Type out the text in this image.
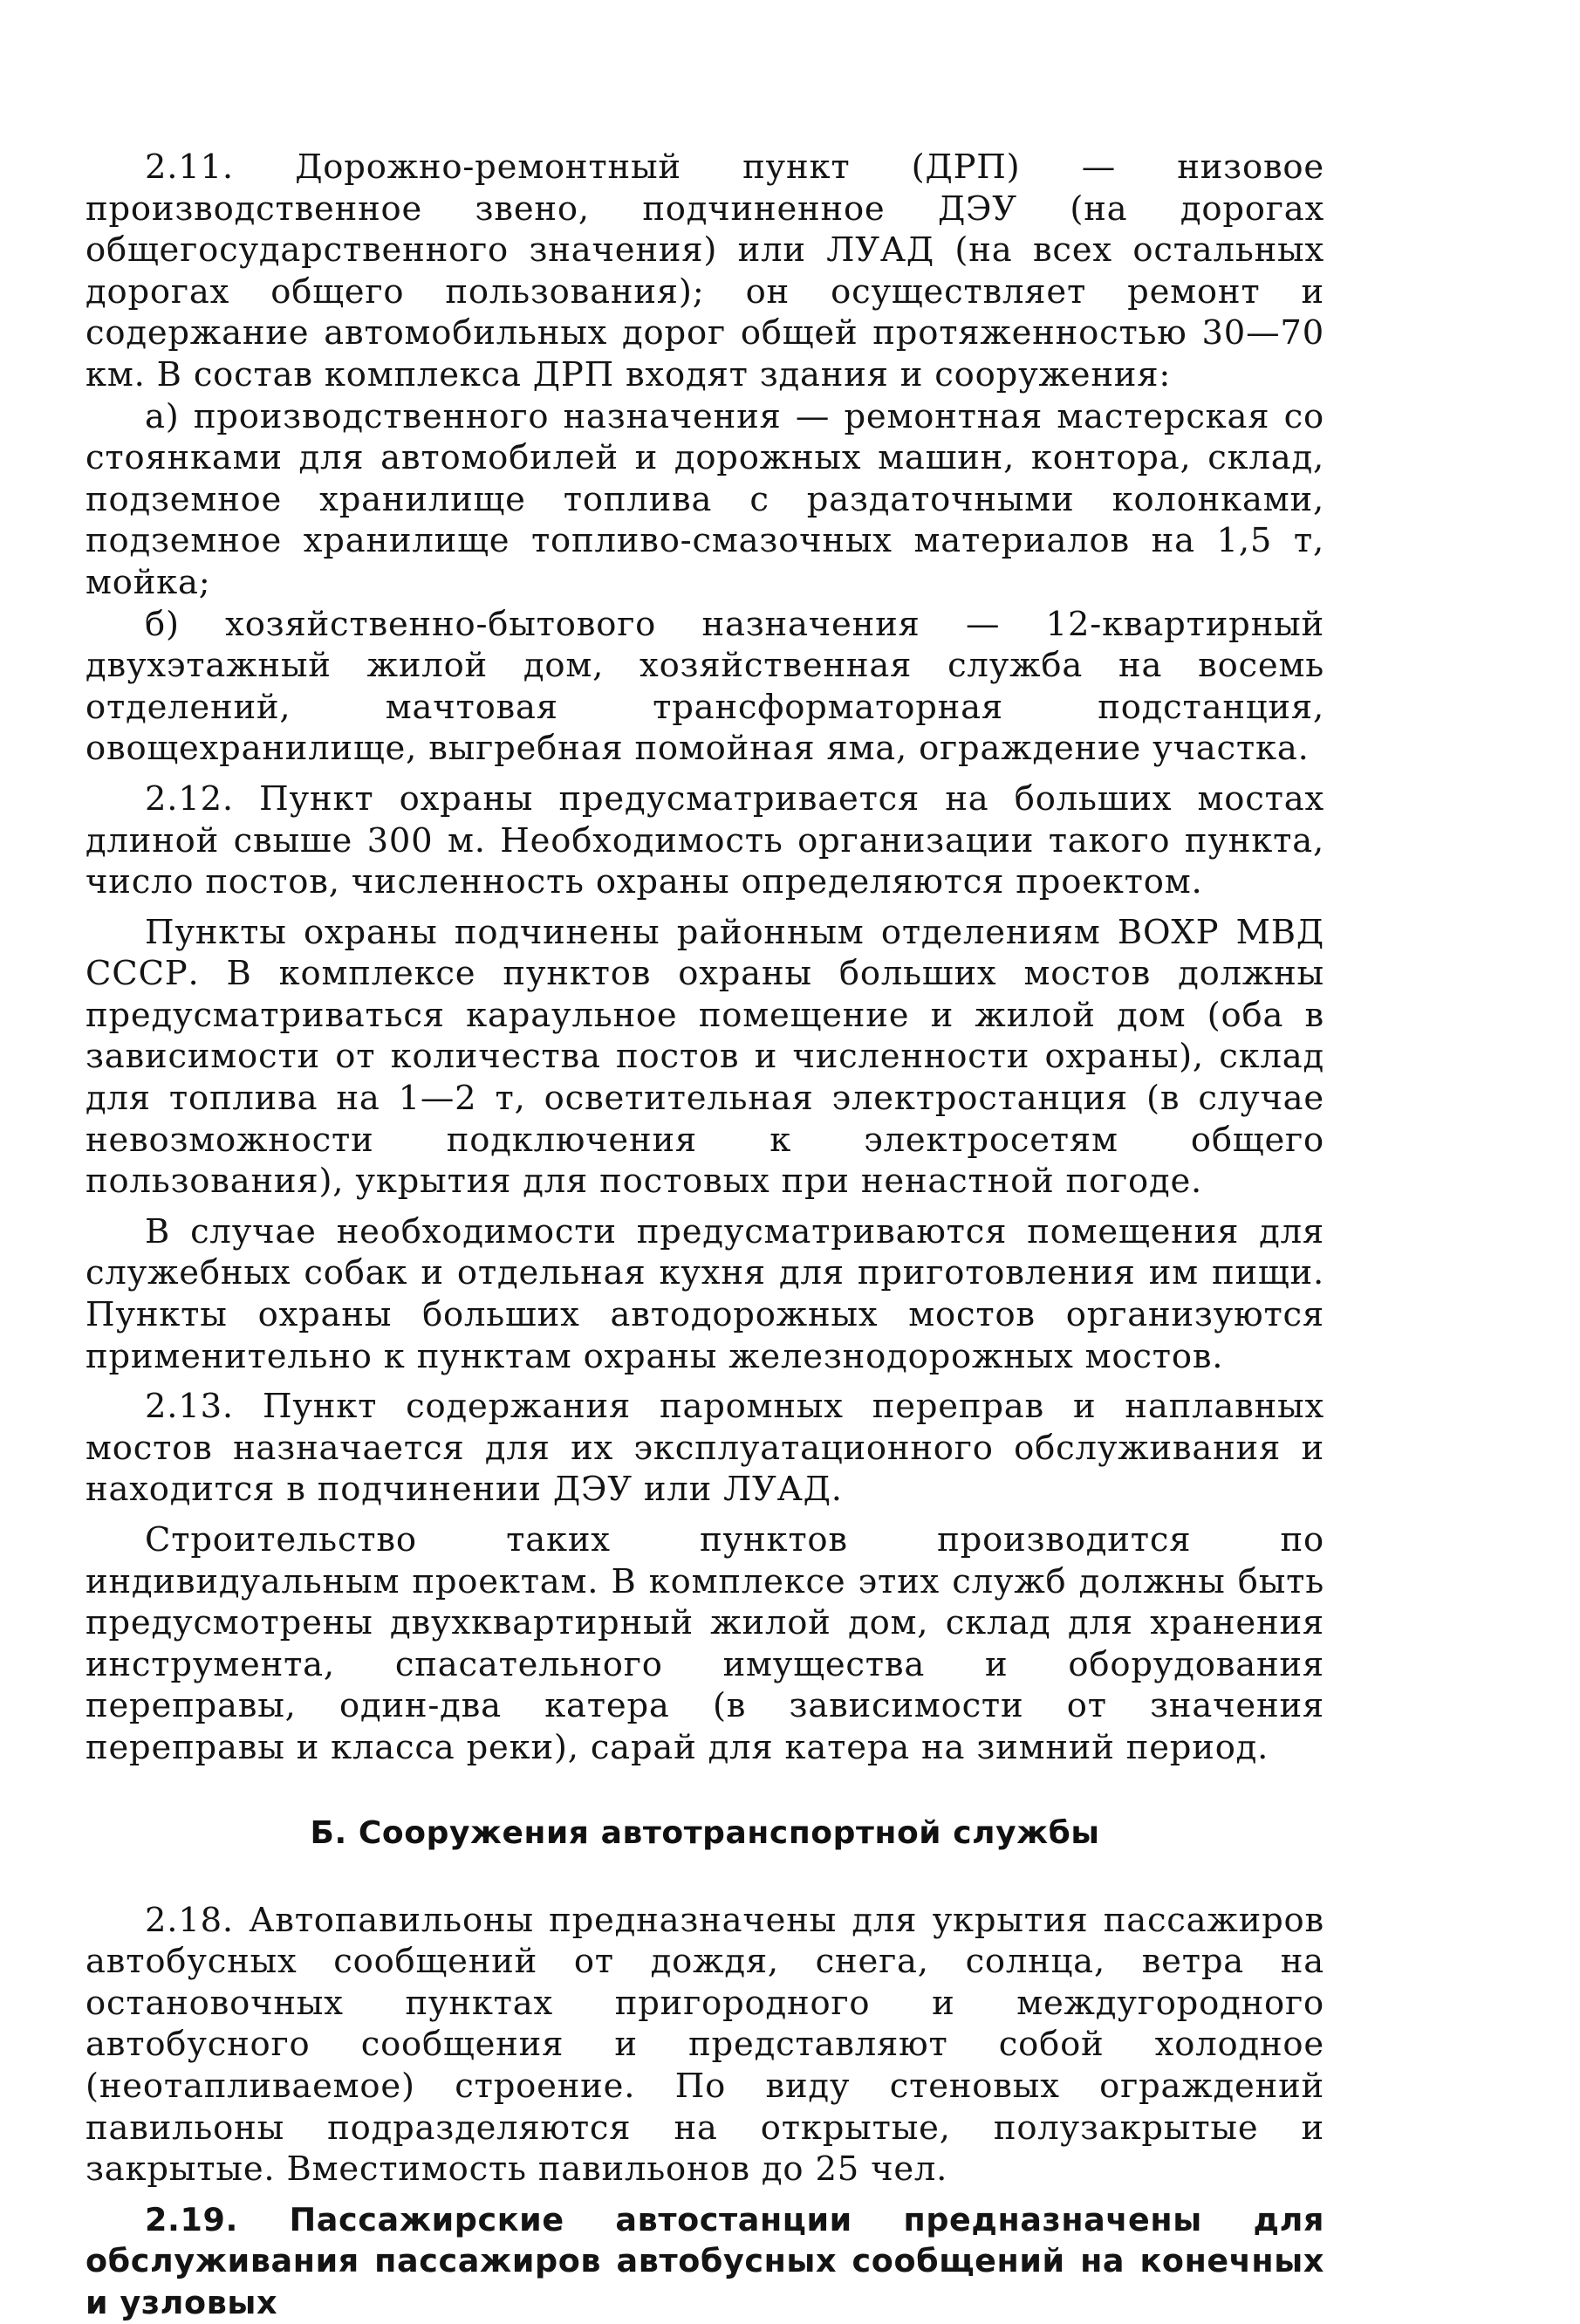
2.11. Дорожно-ремонтный пункт (ДРП) — низовое производственное звено, подчиненное ДЭУ (на дорогах общегосударственного значения) или ЛУАД (на всех остальных дорогах общего пользования); он осуществляет ремонт и содержание автомобильных дорог общей протяженностью 30—70 км. В состав комплекса ДРП входят здания и сооружения:

а) производственного назначения — ремонтная мастерская со стоянками для автомобилей и дорожных машин, контора, склад, подземное хранилище топлива с раздаточными колонками, подземное хранилище топливо-смазочных материалов на 1,5 т, мойка;

б) хозяйственно-бытового назначения — 12-квартирный двухэтажный жилой дом, хозяйственная служба на восемь отделений, мачтовая трансформаторная подстанция, овощехранилище, выгребная помойная яма, ограждение участка.

2.12. Пункт охраны предусматривается на больших мостах длиной свыше 300 м. Необходимость организации такого пункта, число постов, численность охраны определяются проектом.

Пункты охраны подчинены районным отделениям ВОХР МВД СССР. В комплексе пунктов охраны больших мостов должны предусматриваться караульное помещение и жилой дом (оба в зависимости от количества постов и численности охраны), склад для топлива на 1—2 т, осветительная электростанция (в случае невозможности подключения к электросетям общего пользования), укрытия для постовых при ненастной погоде.

В случае необходимости предусматриваются помещения для служебных собак и отдельная кухня для приготовления им пищи. Пункты охраны больших автодорожных мостов организуются применительно к пунктам охраны железнодорожных мостов.

2.13. Пункт содержания паромных переправ и наплавных мостов назначается для их эксплуатационного обслуживания и находится в подчинении ДЭУ или ЛУАД.

Строительство таких пунктов производится по индивидуальным проектам. В комплексе этих служб должны быть предусмотрены двухквартирный жилой дом, склад для хранения инструмента, спасательного имущества и оборудования переправы, один-два катера (в зависимости от значения переправы и класса реки), сарай для катера на зимний период.

Б. Сооружения автотранспортной службы

2.18. Автопавильоны предназначены для укрытия пассажиров автобусных сообщений от дождя, снега, солнца, ветра на остановочных пунктах пригородного и междугородного автобусного сообщения и представляют собой холодное (неотапливаемое) строение. По виду стеновых ограждений павильоны подразделяются на открытые, полузакрытые и закрытые. Вместимость павильонов до 25 чел.

2.19. Пассажирские автостанции предназначены для обслуживания пассажиров автобусных сообщений на конечных и узловых
